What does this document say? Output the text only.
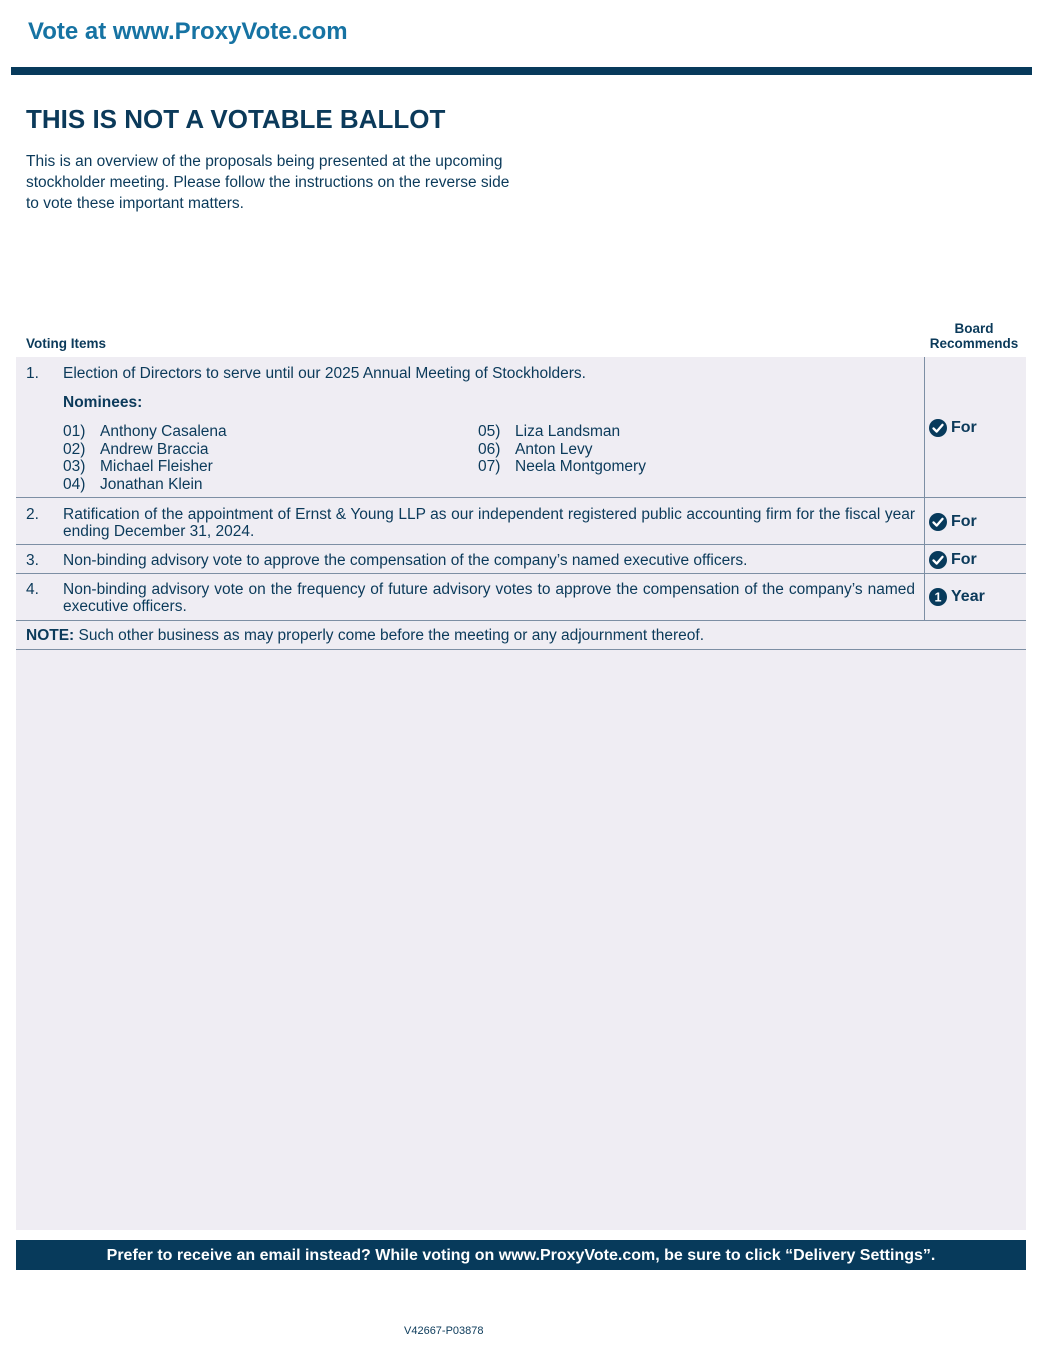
Vote at www.ProxyVote.com
THIS IS NOT A VOTABLE BALLOT

This is an overview of the proposals being presented at the upcoming stockholder meeting. Please follow the instructions on the reverse side to vote these important matters.

Voting Items
Board
Recommends
1. Election of Directors to serve until our 2025 Annual Meeting of Stockholders.
Nominees:
01) Anthony Casalena
02) Andrew Braccia
03) Michael Fleisher
04) Jonathan Klein
05) Liza Landsman
06) Anton Levy
07) Neela Montgomery
For
2. Ratification of the appointment of Ernst & Young LLP as our independent registered public accounting firm for the fiscal year ending December 31, 2024.
For
3. Non-binding advisory vote to approve the compensation of the company’s named executive officers.	For
4. Non-binding advisory vote on the frequency of future advisory votes to approve the compensation of the company’s named executive officers.
1 Year
NOTE: Such other business as may properly come before the meeting or any adjournment thereof.
Prefer to receive an email instead? While voting on www.ProxyVote.com, be sure to click “Delivery Settings”.
V42667-P03878
